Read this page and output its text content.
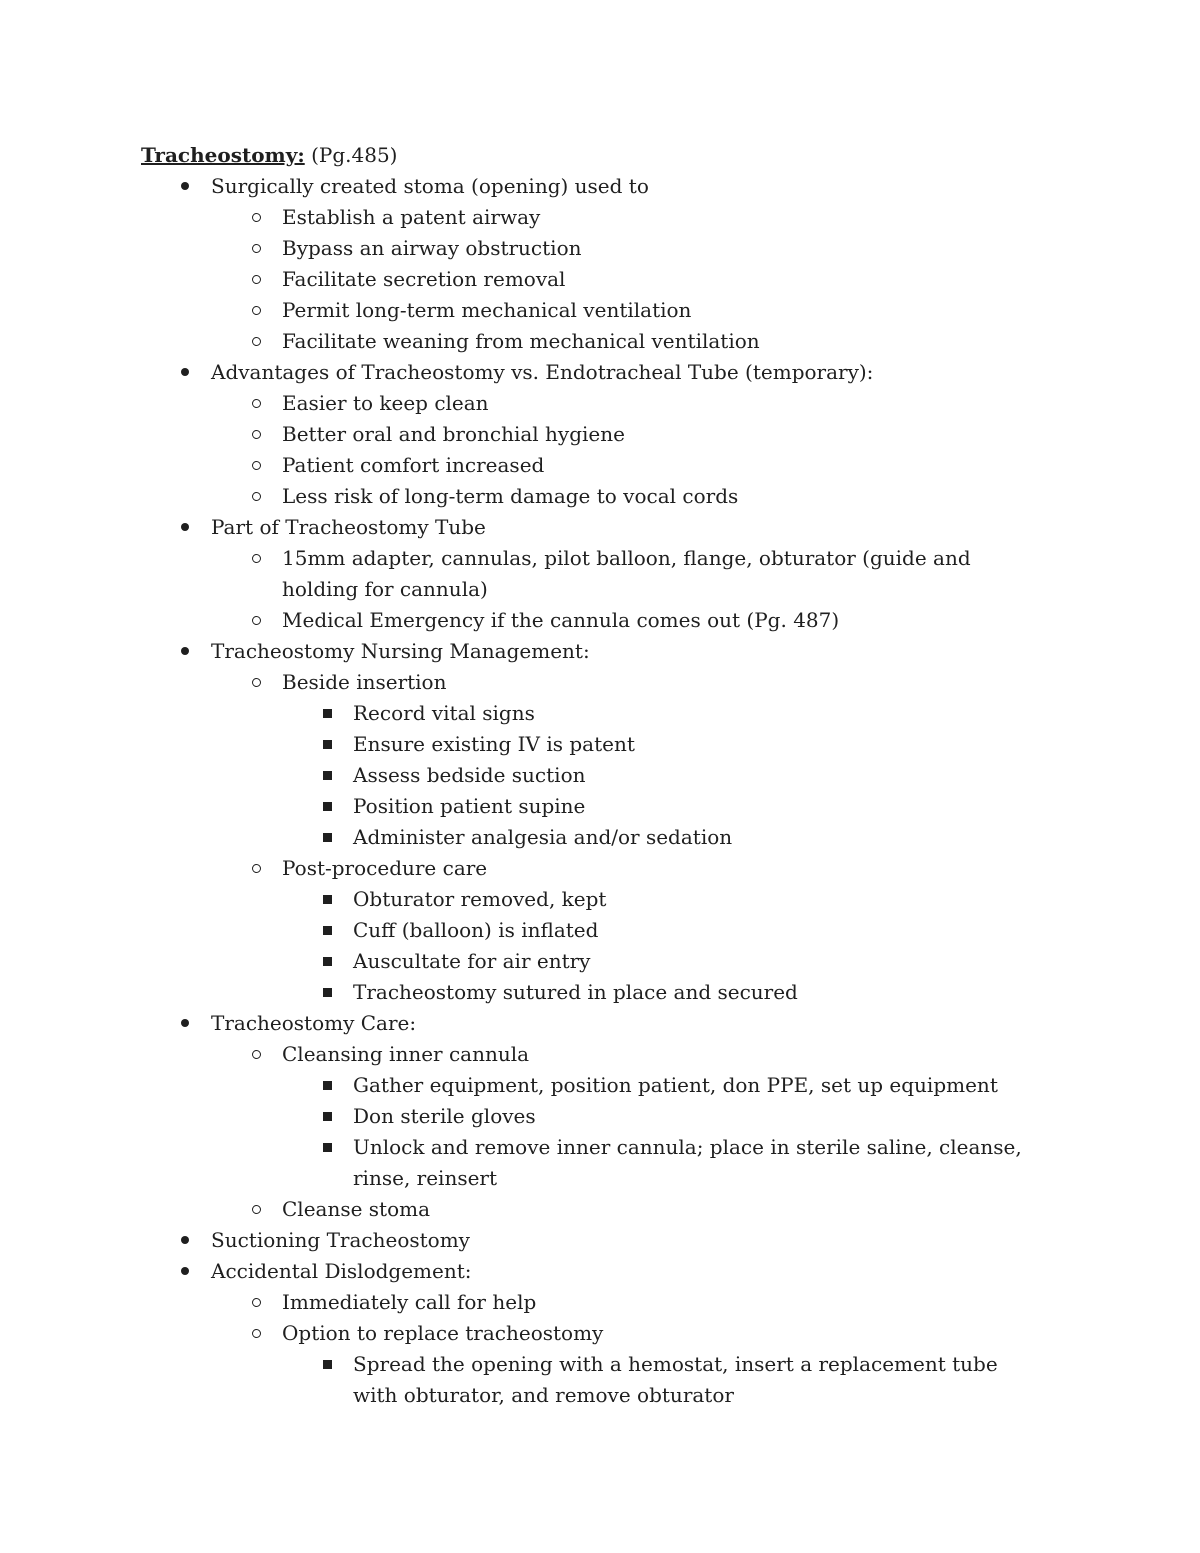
Tracheostomy: (Pg.485)
Surgically created stoma (opening) used to
Establish a patent airway
Bypass an airway obstruction
Facilitate secretion removal
Permit long-term mechanical ventilation
Facilitate weaning from mechanical ventilation
Advantages of Tracheostomy vs. Endotracheal Tube (temporary):
Easier to keep clean
Better oral and bronchial hygiene
Patient comfort increased
Less risk of long-term damage to vocal cords
Part of Tracheostomy Tube
15mm adapter, cannulas, pilot balloon, flange, obturator (guide and holding for cannula)
Medical Emergency if the cannula comes out (Pg. 487)
Tracheostomy Nursing Management:
Beside insertion
Record vital signs
Ensure existing IV is patent
Assess bedside suction
Position patient supine
Administer analgesia and/or sedation
Post-procedure care
Obturator removed, kept
Cuff (balloon) is inflated
Auscultate for air entry
Tracheostomy sutured in place and secured
Tracheostomy Care:
Cleansing inner cannula
Gather equipment, position patient, don PPE, set up equipment
Don sterile gloves
Unlock and remove inner cannula; place in sterile saline, cleanse, rinse, reinsert
Cleanse stoma
Suctioning Tracheostomy
Accidental Dislodgement:
Immediately call for help
Option to replace tracheostomy
Spread the opening with a hemostat, insert a replacement tube with obturator, and remove obturator
